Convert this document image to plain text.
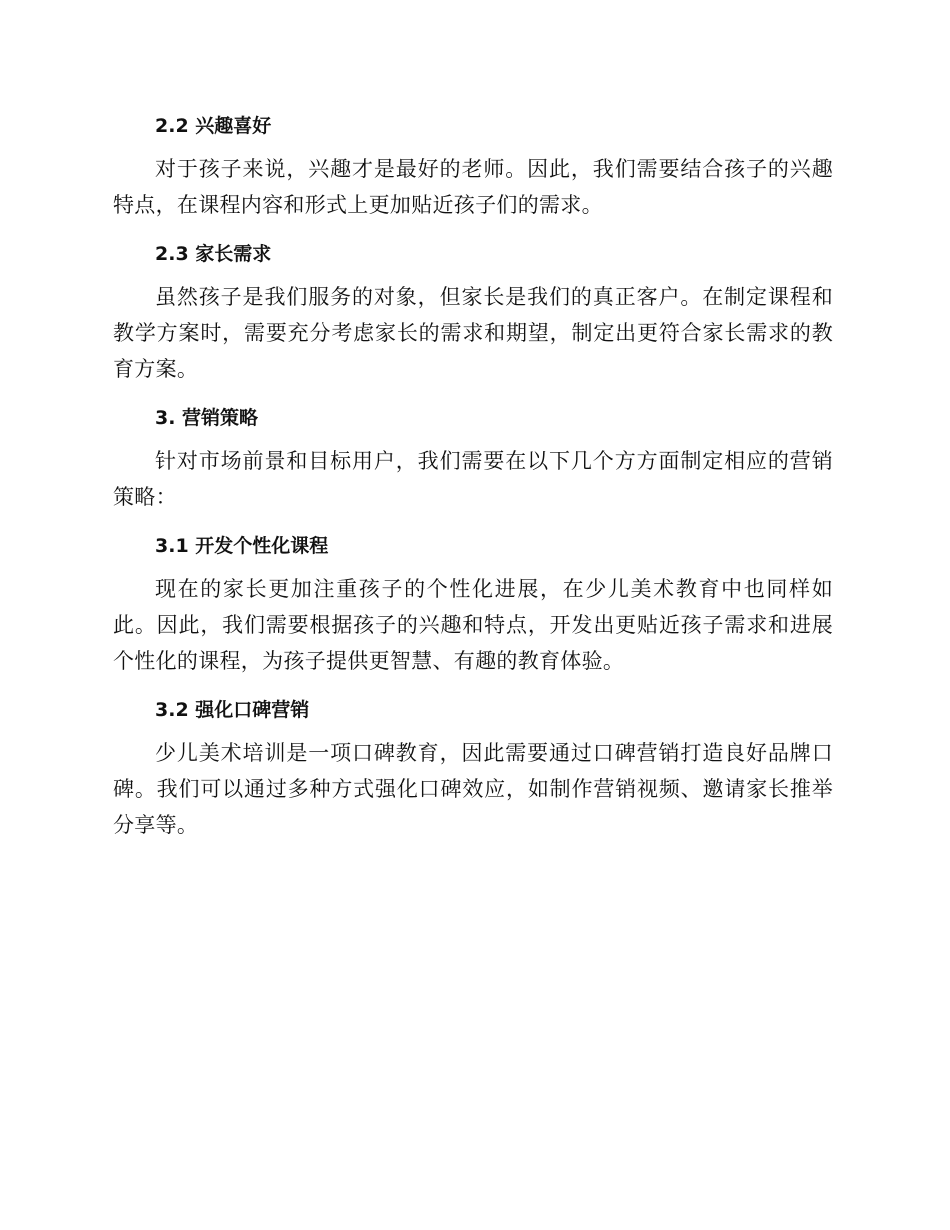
2.2 兴趣喜好

对于孩子来说，兴趣才是最好的老师。因此，我们需要结合孩子的兴趣特点，在课程内容和形式上更加贴近孩子们的需求。

2.3 家长需求

虽然孩子是我们服务的对象，但家长是我们的真正客户。在制定课程和教学方案时，需要充分考虑家长的需求和期望，制定出更符合家长需求的教育方案。

3. 营销策略

针对市场前景和目标用户，我们需要在以下几个方方面制定相应的营销策略：

3.1 开发个性化课程

现在的家长更加注重孩子的个性化进展，在少儿美术教育中也同样如此。因此，我们需要根据孩子的兴趣和特点，开发出更贴近孩子需求和进展个性化的课程，为孩子提供更智慧、有趣的教育体验。

3.2 强化口碑营销

少儿美术培训是一项口碑教育，因此需要通过口碑营销打造良好品牌口碑。我们可以通过多种方式强化口碑效应，如制作营销视频、邀请家长推举分享等。
